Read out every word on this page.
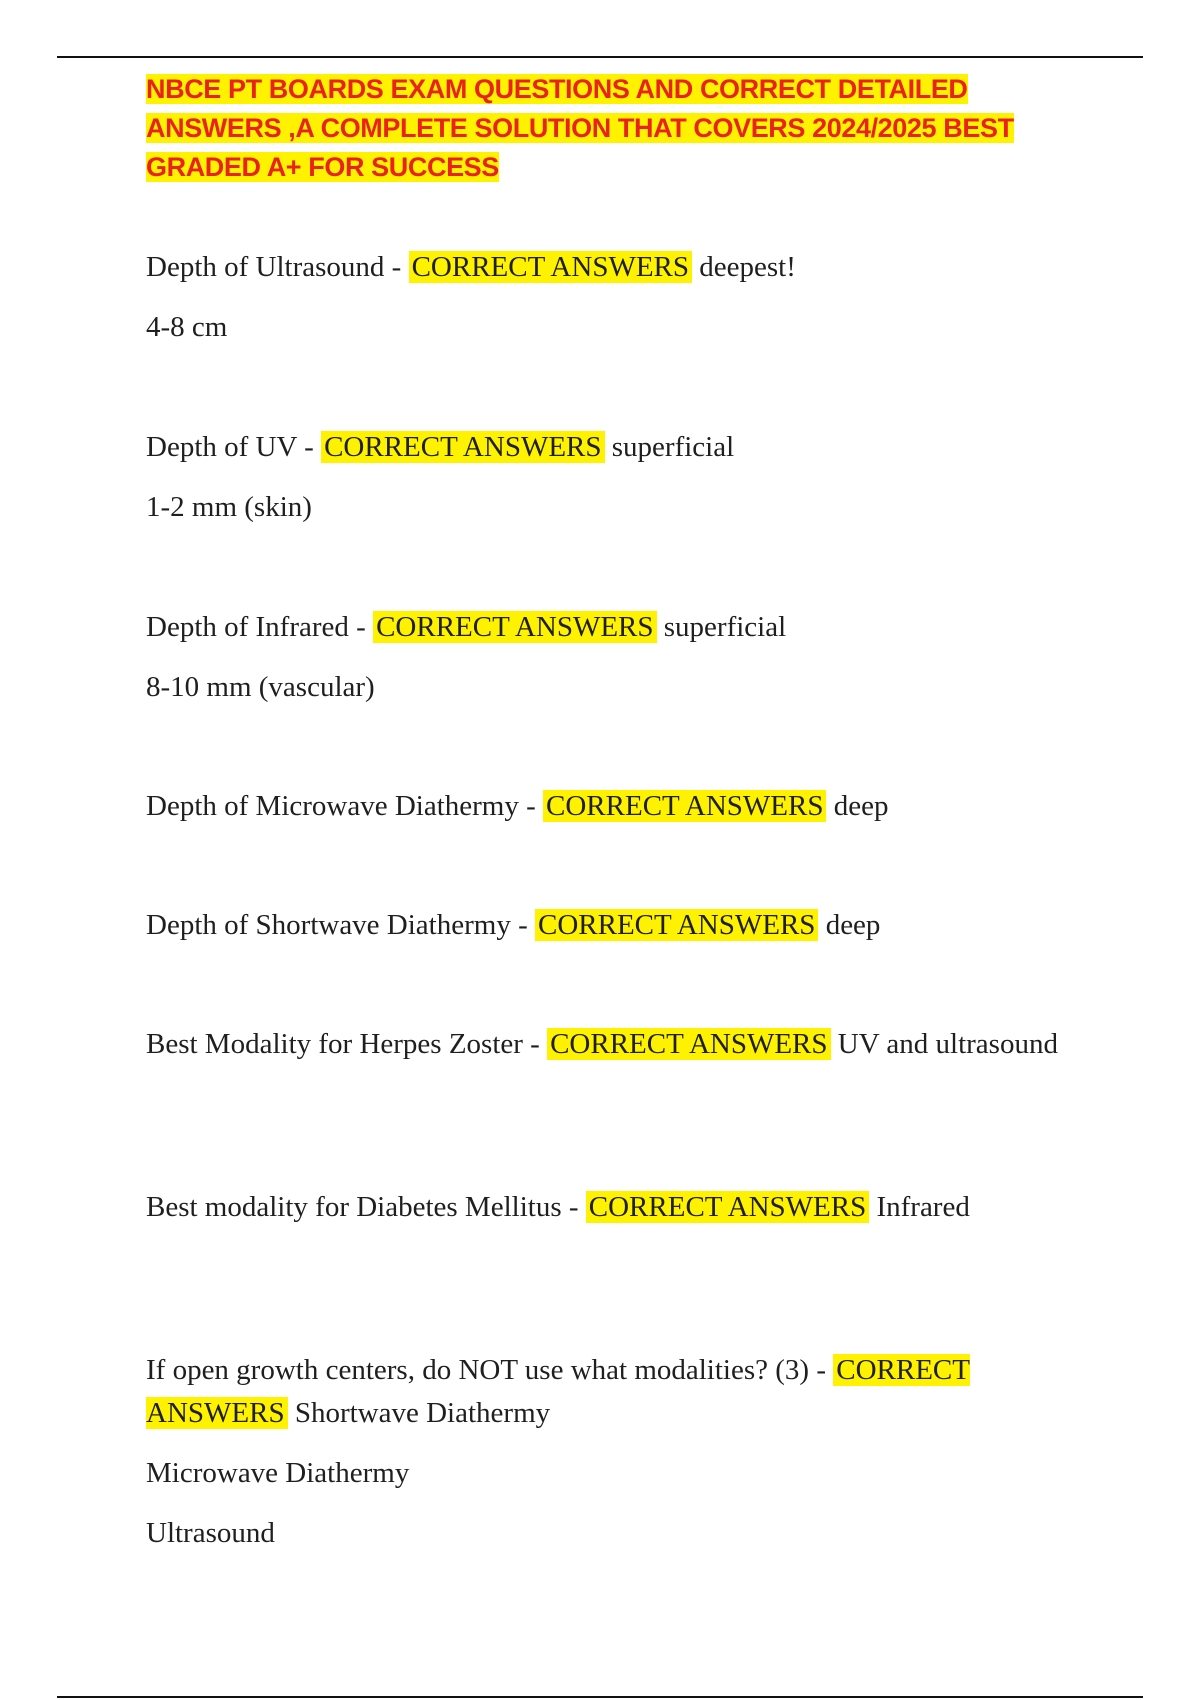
NBCE PT BOARDS EXAM QUESTIONS AND CORRECT DETAILED ANSWERS ,A COMPLETE SOLUTION THAT COVERS 2024/2025 BEST GRADED A+ FOR SUCCESS
Depth of Ultrasound - CORRECT ANSWERS deepest!
4-8 cm
Depth of UV - CORRECT ANSWERS superficial
1-2 mm (skin)
Depth of Infrared - CORRECT ANSWERS superficial
8-10 mm (vascular)
Depth of Microwave Diathermy - CORRECT ANSWERS deep
Depth of Shortwave Diathermy - CORRECT ANSWERS deep
Best Modality for Herpes Zoster - CORRECT ANSWERS UV and ultrasound
Best modality for Diabetes Mellitus - CORRECT ANSWERS Infrared
If open growth centers, do NOT use what modalities? (3) - CORRECT ANSWERS Shortwave Diathermy
Microwave Diathermy
Ultrasound
